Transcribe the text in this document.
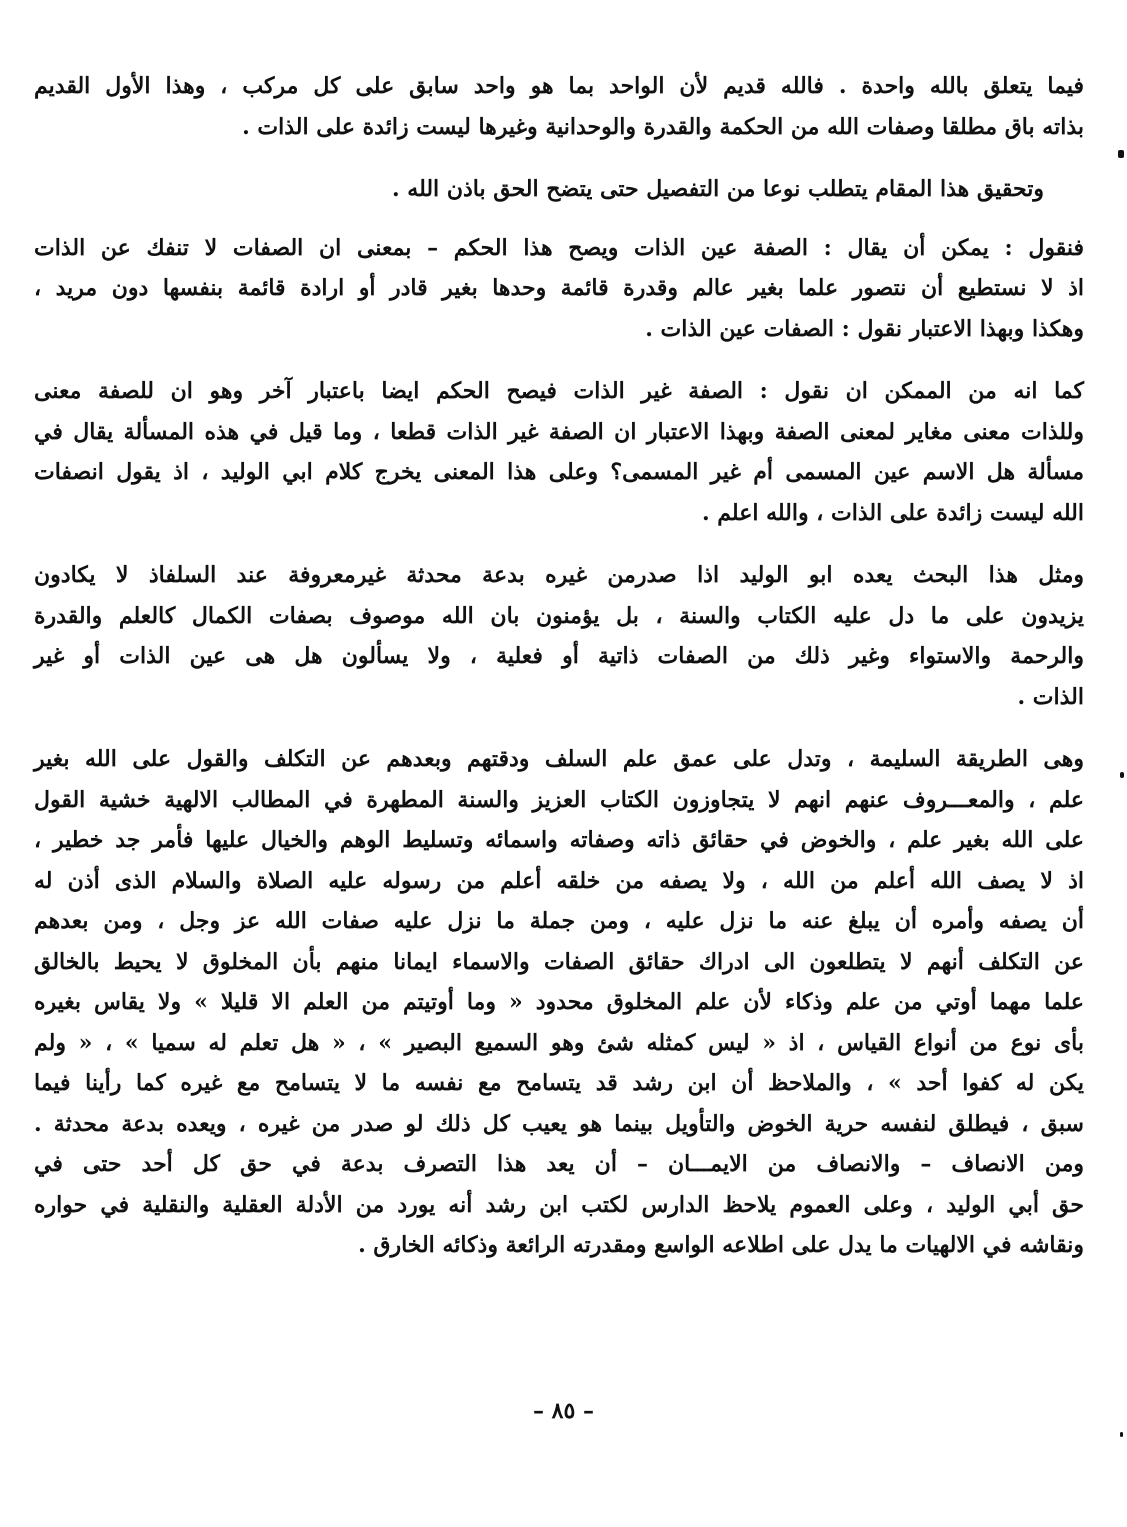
فيما يتعلق بالله واحدة . فالله قديم لأن الواحد بما هو واحد سابق على كل مركب ، وهذا الأول القديم
بذاته باق مطلقا وصفات الله من الحكمة والقدرة والوحدانية وغيرها ليست زائدة على الذات .

وتحقيق هذا المقام يتطلب نوعا من التفصيل حتى يتضح الحق باذن الله .

فنقول : يمكن أن يقال : الصفة عين الذات ويصح هذا الحكم – بمعنى ان الصفات لا تنفك عن الذات
اذ لا نستطيع أن نتصور علما بغير عالم وقدرة قائمة وحدها بغير قادر أو ارادة قائمة بنفسها دون مريد ،
وهكذا وبهذا الاعتبار نقول : الصفات عين الذات .

كما انه من الممكن ان نقول : الصفة غير الذات فيصح الحكم ايضا باعتبار آخر وهو ان للصفة معنى
وللذات معنى مغاير لمعنى الصفة وبهذا الاعتبار ان الصفة غير الذات قطعا ، وما قيل في هذه المسألة يقال في
مسألة هل الاسم عين المسمى أم غير المسمى؟ وعلى هذا المعنى يخرج كلام ابي الوليد ، اذ يقول انصفات
الله ليست زائدة على الذات ، والله اعلم .

ومثل هذا البحث يعده ابو الوليد اذا صدرمن غيره بدعة محدثة غيرمعروفة عند السلفاذ لا يكادون
يزيدون على ما دل عليه الكتاب والسنة ، بل يؤمنون بان الله موصوف بصفات الكمال كالعلم والقدرة
والرحمة والاستواء وغير ذلك من الصفات ذاتية أو فعلية ، ولا يسألون هل هى عين الذات أو غير
الذات .

وهى الطريقة السليمة ، وتدل على عمق علم السلف ودقتهم وبعدهم عن التكلف والقول على الله بغير
علم ، والمعـــروف عنهم انهم لا يتجاوزون الكتاب العزيز والسنة المطهرة في المطالب الالهية خشية القول
على الله بغير علم ، والخوض في حقائق ذاته وصفاته واسمائه وتسليط الوهم والخيال عليها فأمر جد خطير ،
اذ لا يصف الله أعلم من الله ، ولا يصفه من خلقه أعلم من رسوله عليه الصلاة والسلام الذى أذن له
أن يصفه وأمره أن يبلغ عنه ما نزل عليه ، ومن جملة ما نزل عليه صفات الله عز وجل ، ومن بعدهم
عن التكلف أنهم لا يتطلعون الى ادراك حقائق الصفات والاسماء ايمانا منهم بأن المخلوق لا يحيط بالخالق
علما مهما أوتي من علم وذكاء لأن علم المخلوق محدود « وما أوتيتم من العلم الا قليلا » ولا يقاس بغيره
بأى نوع من أنواع القياس ، اذ « ليس كمثله شئ وهو السميع البصير » ، « هل تعلم له سميا » ، « ولم
يكن له كفوا أحد » ، والملاحظ أن ابن رشد قد يتسامح مع نفسه ما لا يتسامح مع غيره كما رأينا فيما
سبق ، فيطلق لنفسه حرية الخوض والتأويل بينما هو يعيب كل ذلك لو صدر من غيره ، ويعده بدعة محدثة .

ومن الانصاف – والانصاف من الايمـــان – أن يعد هذا التصرف بدعة في حق كل أحد حتى في
حق أبي الوليد ، وعلى العموم يلاحظ الدارس لكتب ابن رشد أنه يورد من الأدلة العقلية والنقلية في حواره
ونقاشه في الالهيات ما يدل على اطلاعه الواسع ومقدرته الرائعة وذكائه الخارق .

– ٨٥ –
